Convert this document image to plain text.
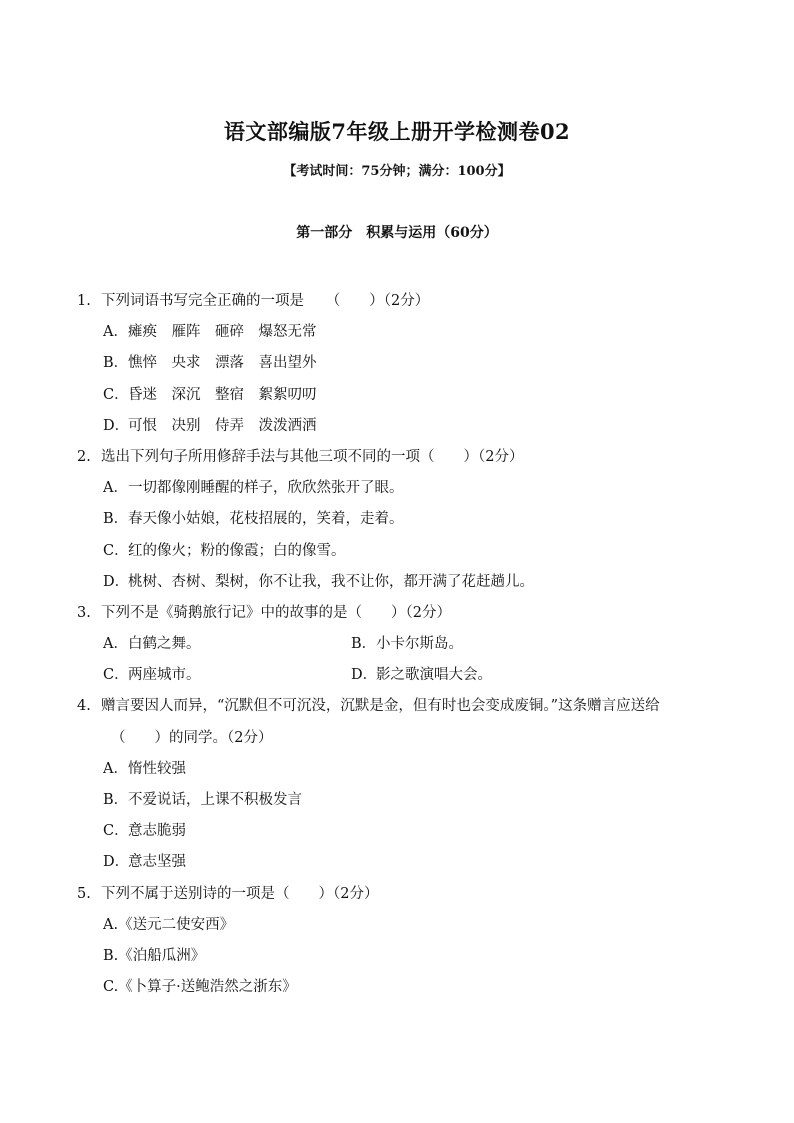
语文部编版7年级上册开学检测卷02
【考试时间：75分钟；满分：100分】
第一部分　积累与运用（60分）
1. 下列词语书写完全正确的一项是　　（　　）（2分）
A．瘫痪　雁阵　砸碎　爆怒无常
B．憔悴　央求　漂落　喜出望外
C．昏迷　深沉　整宿　絮絮叨叨
D．可恨　决别　侍弄　泼泼洒洒
2. 选出下列句子所用修辞手法与其他三项不同的一项（　　）（2分）
A．一切都像刚睡醒的样子，欣欣然张开了眼。
B．春天像小姑娘，花枝招展的，笑着，走着。
C．红的像火；粉的像霞；白的像雪。
D．桃树、杏树、梨树，你不让我，我不让你，都开满了花赶趟儿。
3. 下列不是《骑鹅旅行记》中的故事的是（　　）（2分）
A．白鹤之舞。	B．小卡尔斯岛。
C．两座城市。	D．影之歌演唱大会。
4. 赠言要因人而异，“沉默但不可沉没，沉默是金，但有时也会变成废铜。”这条赠言应送给
（　　）的同学。（2分）
A．惰性较强
B．不爱说话，上课不积极发言
C．意志脆弱
D．意志坚强
5. 下列不属于送别诗的一项是（　　）（2分）
A.《送元二使安西》
B.《泊船瓜洲》
C.《卜算子·送鲍浩然之浙东》
